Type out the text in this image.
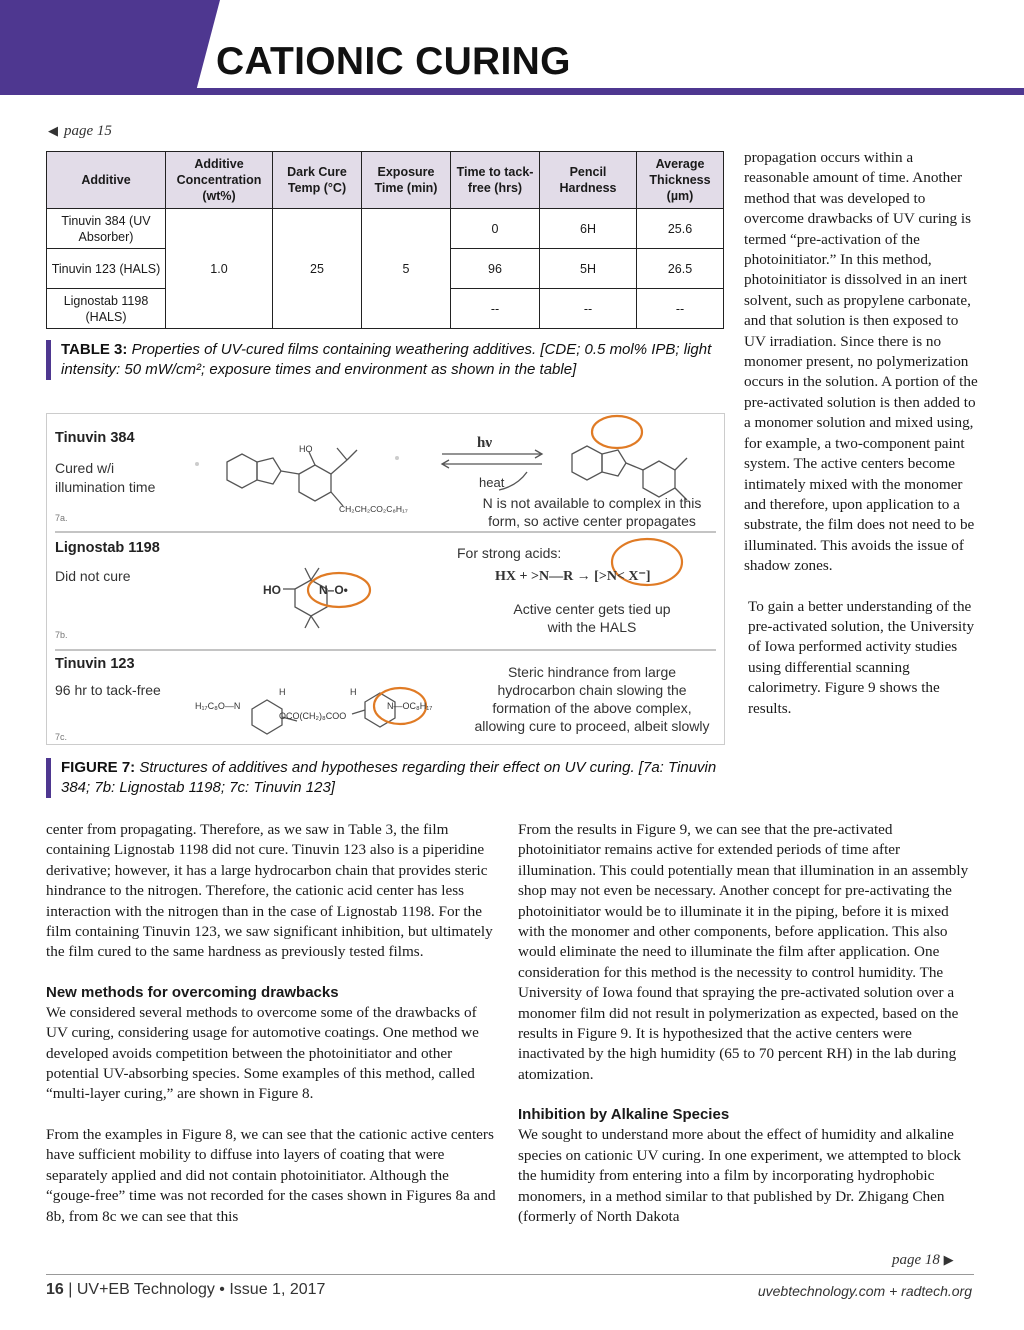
CATIONIC CURING
◀ page 15
Additive	Additive Concentration (wt%)	Dark Cure Temp (°C)	Exposure Time (min)	Time to tack-free (hrs)	Pencil Hardness	Average Thickness (µm)
Tinuvin 384 (UV Absorber)	1.0	25	5	0	6H	25.6
Tinuvin 123 (HALS)				96	5H	26.5
Lignostab 1198 (HALS)				--	--	--
TABLE 3: Properties of UV-cured films containing weathering additives. [CDE; 0.5 mol% IPB; light intensity: 50 mW/cm²; exposure times and environment as shown in the table]
Tinuvin 384
Cured w/i
illumination time
7a.
HO
CH₂CH₂CO₂C₈H₁₇
hν
heat
N is not available to complex in this
form, so active center propagates
Lignostab 1198
Did not cure
7b.
HO	N–O•
For strong acids:
HX + >N—R → [>N< X⁻]
Active center gets tied up
with the HALS
Tinuvin 123
96 hr to tack-free
7c.
H₁₇C₈O—N
OCO(CH₂)₈COO
N—OC₈H₁₇
H	H
Steric hindrance from large
hydrocarbon chain slowing the
formation of the above complex,
allowing cure to proceed, albeit slowly
FIGURE 7: Structures of additives and hypotheses regarding their effect on UV curing. [7a: Tinuvin 384; 7b: Lignostab 1198; 7c: Tinuvin 123]

propagation occurs within a reasonable amount of time. Another method that was developed to overcome drawbacks of UV curing is termed “pre-activation of the photoinitiator.” In this method, photoinitiator is dissolved in an inert solvent, such as propylene carbonate, and that solution is then exposed to UV irradiation. Since there is no monomer present, no polymerization occurs in the solution. A portion of the pre-activated solution is then added to a monomer solution and mixed using, for example, a two-component paint system. The active centers become intimately mixed with the monomer and therefore, upon application to a substrate, the film does not need to be illuminated. This avoids the issue of shadow zones.

To gain a better understanding of the pre-activated solution, the University of Iowa performed activity studies using differential scanning calorimetry. Figure 9 shows the results.

center from propagating. Therefore, as we saw in Table 3, the film containing Lignostab 1198 did not cure. Tinuvin 123 also is a piperidine derivative; however, it has a large hydrocarbon chain that provides steric hindrance to the nitrogen. Therefore, the cationic acid center has less interaction with the nitrogen than in the case of Lignostab 1198. For the film containing Tinuvin 123, we saw significant inhibition, but ultimately the film cured to the same hardness as previously tested films.

New methods for overcoming drawbacks

We considered several methods to overcome some of the drawbacks of UV curing, considering usage for automotive coatings. One method we developed avoids competition between the photoinitiator and other potential UV-absorbing species. Some examples of this method, called “multi-layer curing,” are shown in Figure 8.

From the examples in Figure 8, we can see that the cationic active centers have sufficient mobility to diffuse into layers of coating that were separately applied and did not contain photoinitiator. Although the “gouge-free” time was not recorded for the cases shown in Figures 8a and 8b, from 8c we can see that this

From the results in Figure 9, we can see that the pre-activated photoinitiator remains active for extended periods of time after illumination. This could potentially mean that illumination in an assembly shop may not even be necessary. Another concept for pre-activating the photoinitiator would be to illuminate it in the piping, before it is mixed with the monomer and other components, before application. This also would eliminate the need to illuminate the film after application. One consideration for this method is the necessity to control humidity. The University of Iowa found that spraying the pre-activated solution over a monomer film did not result in polymerization as expected, based on the results in Figure 9. It is hypothesized that the active centers were inactivated by the high humidity (65 to 70 percent RH) in the lab during atomization.

Inhibition by Alkaline Species

We sought to understand more about the effect of humidity and alkaline species on cationic UV curing. In one experiment, we attempted to block the humidity from entering into a film by incorporating hydrophobic monomers, in a method similar to that published by Dr. Zhigang Chen (formerly of North Dakota

page 18 ▶
16 | UV+EB Technology • Issue 1, 2017	uvebtechnology.com + radtech.org
